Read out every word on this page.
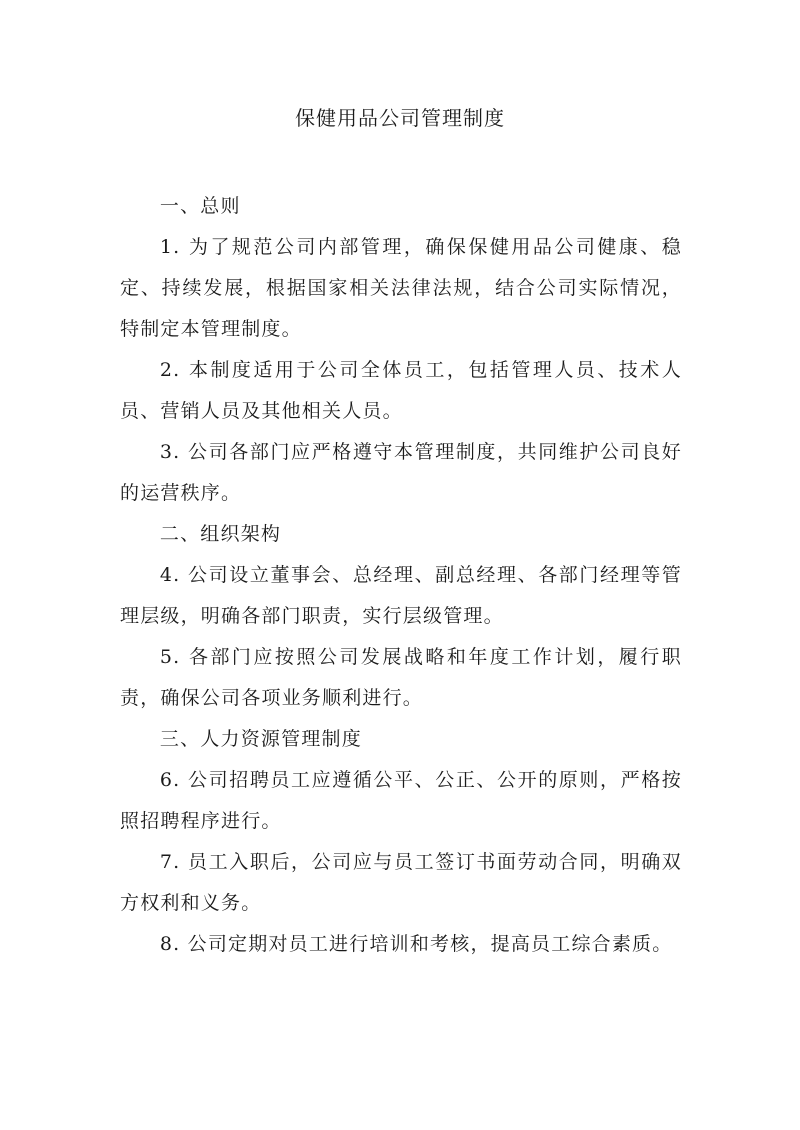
保健用品公司管理制度

一、总则

1. 为了规范公司内部管理，确保保健用品公司健康、稳定、持续发展，根据国家相关法律法规，结合公司实际情况，特制定本管理制度。

2. 本制度适用于公司全体员工，包括管理人员、技术人员、营销人员及其他相关人员。

3. 公司各部门应严格遵守本管理制度，共同维护公司良好的运营秩序。

二、组织架构

4. 公司设立董事会、总经理、副总经理、各部门经理等管理层级，明确各部门职责，实行层级管理。

5. 各部门应按照公司发展战略和年度工作计划，履行职责，确保公司各项业务顺利进行。

三、人力资源管理制度

6. 公司招聘员工应遵循公平、公正、公开的原则，严格按照招聘程序进行。

7. 员工入职后，公司应与员工签订书面劳动合同，明确双方权利和义务。

8. 公司定期对员工进行培训和考核，提高员工综合素质。
